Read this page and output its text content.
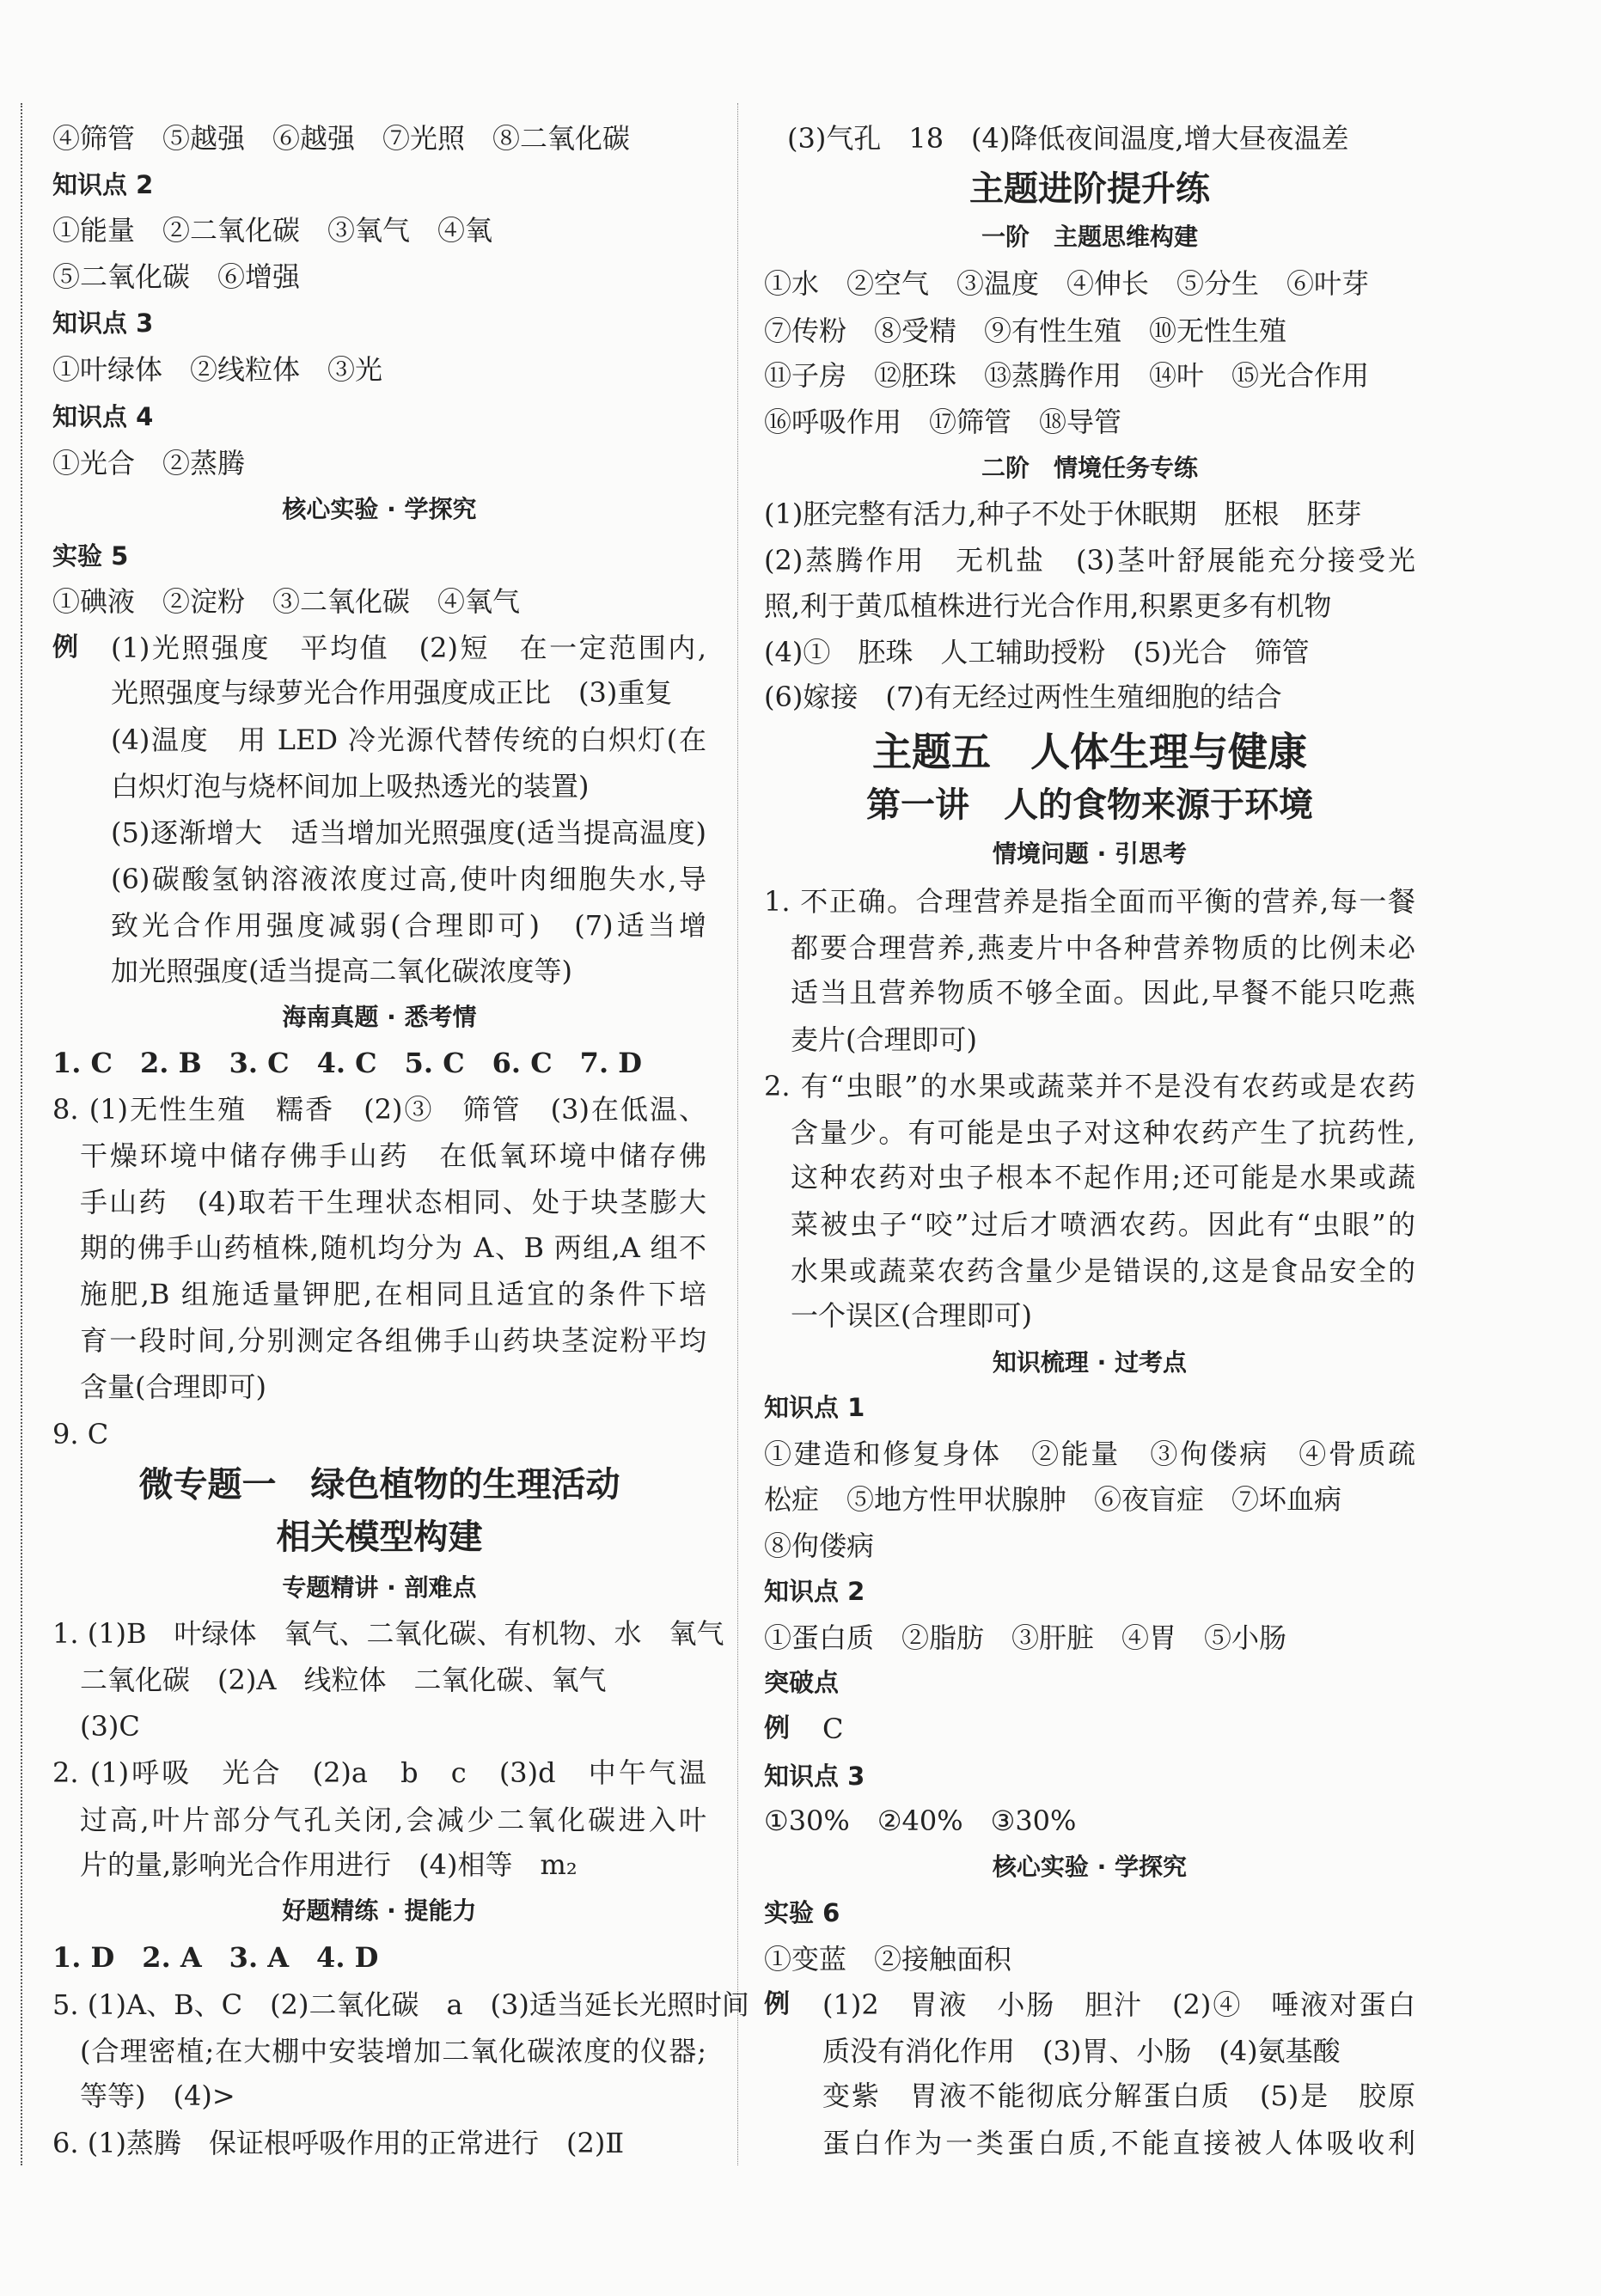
④筛管　⑤越强　⑥越强　⑦光照　⑧二氧化碳
知识点 2
①能量　②二氧化碳　③氧气　④氧
⑤二氧化碳　⑥增强
知识点 3
①叶绿体　②线粒体　③光
知识点 4
①光合　②蒸腾
核心实验 · 学探究
实验 5
①碘液　②淀粉　③二氧化碳　④氧气
例 (1)光照强度　平均值　(2)短　在一定范围内,
光照强度与绿萝光合作用强度成正比　(3)重复
(4)温度　用 LED 冷光源代替传统的白炽灯(在
白炽灯泡与烧杯间加上吸热透光的装置)
(5)逐渐增大　适当增加光照强度(适当提高温度)
(6)碳酸氢钠溶液浓度过高,使叶肉细胞失水,导
致光合作用强度减弱(合理即可)　(7)适当增
加光照强度(适当提高二氧化碳浓度等)
海南真题 · 悉考情
1. C　2. B　3. C　4. C　5. C　6. C　7. D
8. (1)无性生殖　糯香　(2)③　筛管　(3)在低温、
干燥环境中储存佛手山药　在低氧环境中储存佛
手山药　(4)取若干生理状态相同、处于块茎膨大
期的佛手山药植株,随机均分为 A、B 两组,A 组不
施肥,B 组施适量钾肥,在相同且适宜的条件下培
育一段时间,分别测定各组佛手山药块茎淀粉平均
含量(合理即可)
9. C
微专题一　绿色植物的生理活动
相关模型构建
专题精讲 · 剖难点
1. (1)B　叶绿体　氧气、二氧化碳、有机物、水　氧气
二氧化碳　(2)A　线粒体　二氧化碳、氧气
(3)C
2. (1)呼吸　光合　(2)a　b　c　(3)d　中午气温
过高,叶片部分气孔关闭,会减少二氧化碳进入叶
片的量,影响光合作用进行　(4)相等　m₂
好题精练 · 提能力
1. D　2. A　3. A　4. D
5. (1)A、B、C　(2)二氧化碳　a　(3)适当延长光照时间
(合理密植;在大棚中安装增加二氧化碳浓度的仪器;
等等)　(4)>
6. (1)蒸腾　保证根呼吸作用的正常进行　(2)Ⅱ
(3)气孔　18　(4)降低夜间温度,增大昼夜温差
主题进阶提升练
一阶　主题思维构建
①水　②空气　③温度　④伸长　⑤分生　⑥叶芽
⑦传粉　⑧受精　⑨有性生殖　⑩无性生殖
⑪子房　⑫胚珠　⑬蒸腾作用　⑭叶　⑮光合作用
⑯呼吸作用　⑰筛管　⑱导管
二阶　情境任务专练
(1)胚完整有活力,种子不处于休眠期　胚根　胚芽
(2)蒸腾作用　无机盐　(3)茎叶舒展能充分接受光
照,利于黄瓜植株进行光合作用,积累更多有机物
(4)①　胚珠　人工辅助授粉　(5)光合　筛管
(6)嫁接　(7)有无经过两性生殖细胞的结合
主题五　人体生理与健康
第一讲　人的食物来源于环境
情境问题 · 引思考
1. 不正确。合理营养是指全面而平衡的营养,每一餐
都要合理营养,燕麦片中各种营养物质的比例未必
适当且营养物质不够全面。因此,早餐不能只吃燕
麦片(合理即可)
2. 有“虫眼”的水果或蔬菜并不是没有农药或是农药
含量少。有可能是虫子对这种农药产生了抗药性,
这种农药对虫子根本不起作用;还可能是水果或蔬
菜被虫子“咬”过后才喷洒农药。因此有“虫眼”的
水果或蔬菜农药含量少是错误的,这是食品安全的
一个误区(合理即可)
知识梳理 · 过考点
知识点 1
①建造和修复身体　②能量　③佝偻病　④骨质疏
松症　⑤地方性甲状腺肿　⑥夜盲症　⑦坏血病
⑧佝偻病
知识点 2
①蛋白质　②脂肪　③肝脏　④胃　⑤小肠
突破点
例 C
知识点 3
①30%　②40%　③30%
核心实验 · 学探究
实验 6
①变蓝　②接触面积
例 (1)2　胃液　小肠　胆汁　(2)④　唾液对蛋白
质没有消化作用　(3)胃、小肠　(4)氨基酸
变紫　胃液不能彻底分解蛋白质　(5)是　胶原
蛋白作为一类蛋白质,不能直接被人体吸收利
